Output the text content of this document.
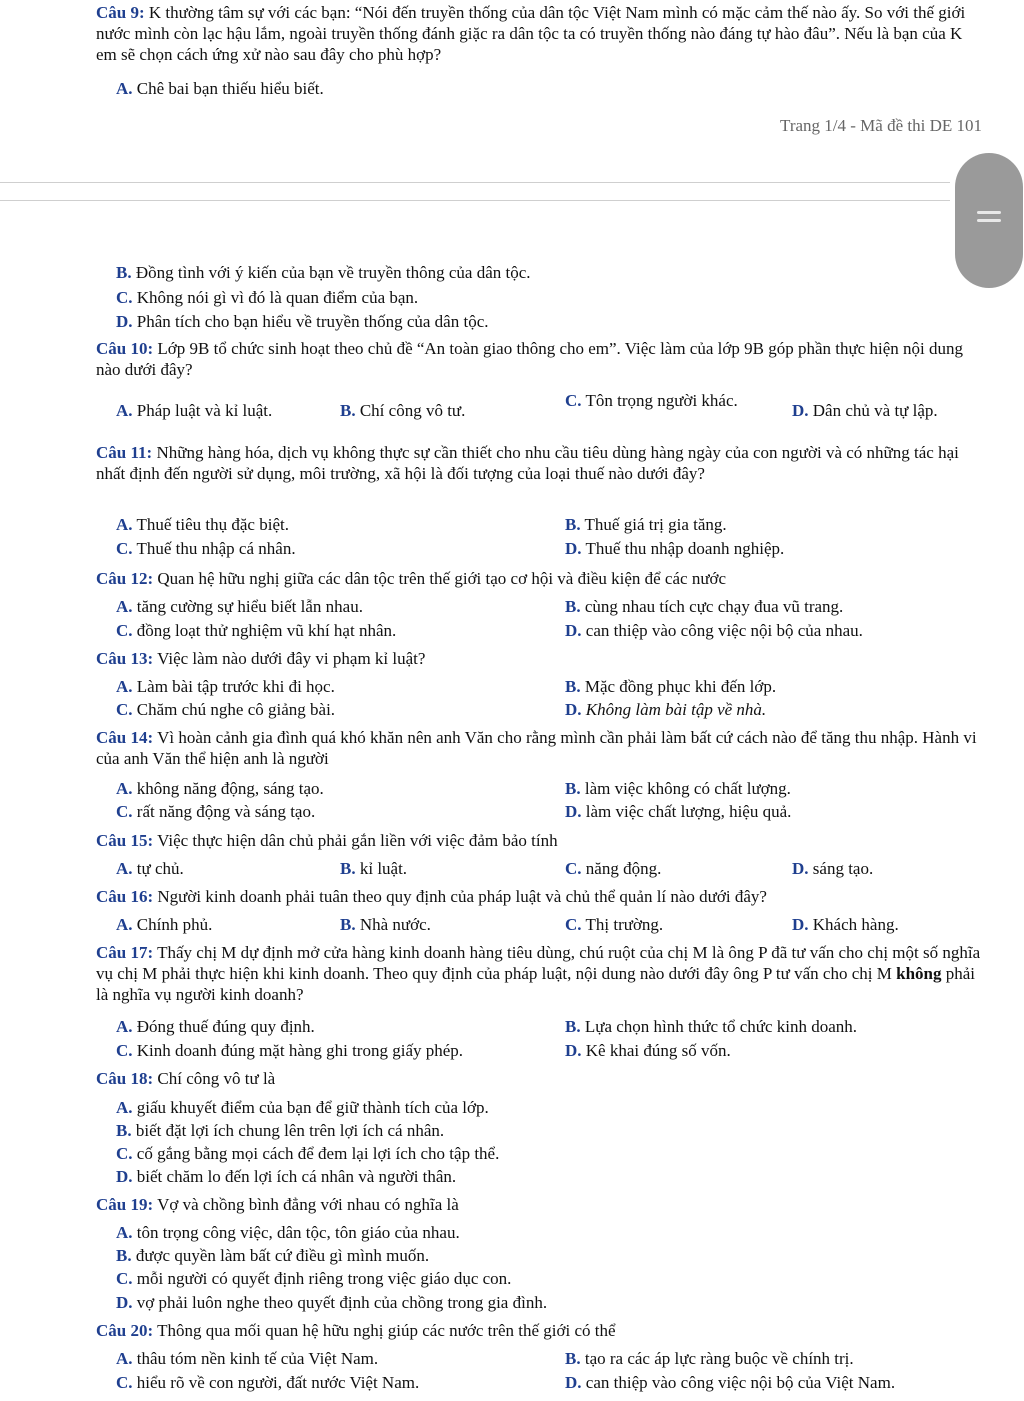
Câu 9: K thường tâm sự với các bạn: “Nói đến truyền thống của dân tộc Việt Nam mình có mặc cảm thế nào ấy. So với thế giới nước mình còn lạc hậu lắm, ngoài truyền thống đánh giặc ra dân tộc ta có truyền thống nào đáng tự hào đâu”. Nếu là bạn của K em sẽ chọn cách ứng xử nào sau đây cho phù hợp?
A. Chê bai bạn thiếu hiểu biết.
Trang 1/4 - Mã đề thi DE 101
B. Đồng tình với ý kiến của bạn về truyền thông của dân tộc.
C. Không nói gì vì đó là quan điểm của bạn.
D. Phân tích cho bạn hiểu về truyền thống của dân tộc.
Câu 10: Lớp 9B tổ chức sinh hoạt theo chủ đề “An toàn giao thông cho em”. Việc làm của lớp 9B góp phần thực hiện nội dung nào dưới đây?
A. Pháp luật và kỉ luật.	B. Chí công vô tư.
C. Tôn trọng người khác.
D. Dân chủ và tự lập.
Câu 11: Những hàng hóa, dịch vụ không thực sự cần thiết cho nhu cầu tiêu dùng hàng ngày của con người và có những tác hại nhất định đến người sử dụng, môi trường, xã hội là đối tượng của loại thuế nào dưới đây?
A. Thuế tiêu thụ đặc biệt.	B. Thuế giá trị gia tăng.
C. Thuế thu nhập cá nhân.	D. Thuế thu nhập doanh nghiệp.
Câu 12: Quan hệ hữu nghị giữa các dân tộc trên thế giới tạo cơ hội và điều kiện để các nước
A. tăng cường sự hiểu biết lẫn nhau.	B. cùng nhau tích cực chạy đua vũ trang.
C. đồng loạt thử nghiệm vũ khí hạt nhân.	D. can thiệp vào công việc nội bộ của nhau.
Câu 13: Việc làm nào dưới đây vi phạm kỉ luật?
A. Làm bài tập trước khi đi học.	B. Mặc đồng phục khi đến lớp.
C. Chăm chú nghe cô giảng bài.	D. Không làm bài tập về nhà.
Câu 14: Vì hoàn cảnh gia đình quá khó khăn nên anh Văn cho rằng mình cần phải làm bất cứ cách nào để tăng thu nhập. Hành vi của anh Văn thể hiện anh là người
A. không năng động, sáng tạo.	B. làm việc không có chất lượng.
C. rất năng động và sáng tạo.	D. làm việc chất lượng, hiệu quả.
Câu 15: Việc thực hiện dân chủ phải gắn liền với việc đảm bảo tính
A. tự chủ.	B. kỉ luật.	C. năng động.	D. sáng tạo.
Câu 16: Người kinh doanh phải tuân theo quy định của pháp luật và chủ thể quản lí nào dưới đây?
A. Chính phủ.	B. Nhà nước.	C. Thị trường.	D. Khách hàng.
Câu 17: Thấy chị M dự định mở cửa hàng kinh doanh hàng tiêu dùng, chú ruột của chị M là ông P đã tư vấn cho chị một số nghĩa vụ chị M phải thực hiện khi kinh doanh. Theo quy định của pháp luật, nội dung nào dưới đây ông P tư vấn cho chị M không phải là nghĩa vụ người kinh doanh?
A. Đóng thuế đúng quy định.	B. Lựa chọn hình thức tổ chức kinh doanh.
C. Kinh doanh đúng mặt hàng ghi trong giấy phép.	D. Kê khai đúng số vốn.
Câu 18: Chí công vô tư là
A. giấu khuyết điểm của bạn để giữ thành tích của lớp.
B. biết đặt lợi ích chung lên trên lợi ích cá nhân.
C. cố gắng bằng mọi cách để đem lại lợi ích cho tập thể.
D. biết chăm lo đến lợi ích cá nhân và người thân.
Câu 19: Vợ và chồng bình đẳng với nhau có nghĩa là
A. tôn trọng công việc, dân tộc, tôn giáo của nhau.
B. được quyền làm bất cứ điều gì mình muốn.
C. mỗi người có quyết định riêng trong việc giáo dục con.
D. vợ phải luôn nghe theo quyết định của chồng trong gia đình.
Câu 20: Thông qua mối quan hệ hữu nghị giúp các nước trên thế giới có thể
A. thâu tóm nền kinh tế của Việt Nam.	B. tạo ra các áp lực ràng buộc về chính trị.
C. hiểu rõ về con người, đất nước Việt Nam.	D. can thiệp vào công việc nội bộ của Việt Nam.
